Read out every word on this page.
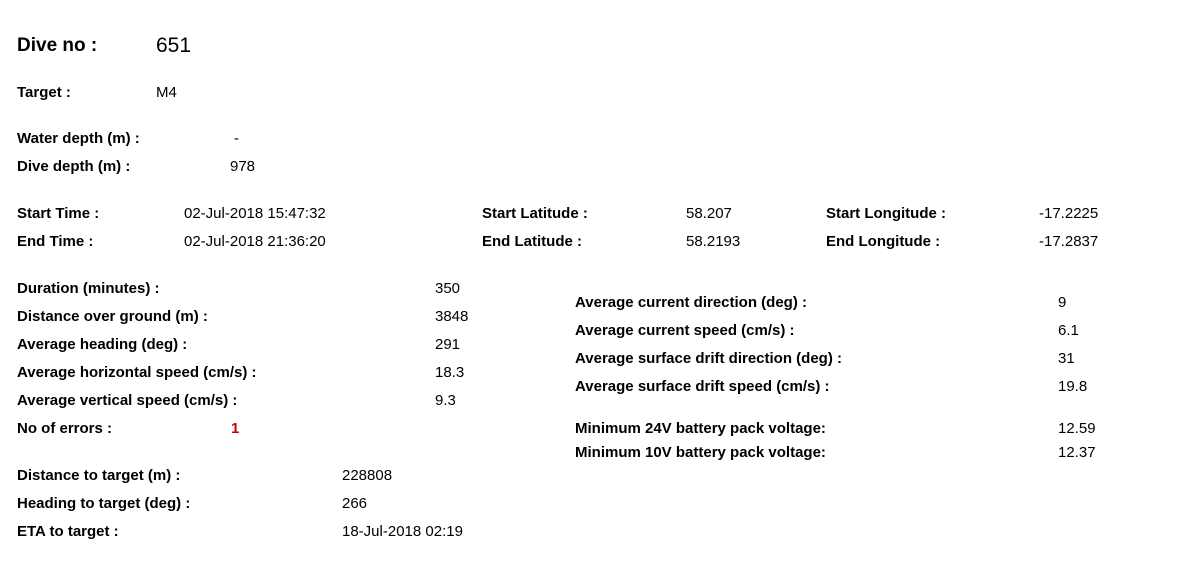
Dive no :	651
Target :	M4
Water depth (m) :	-
Dive depth (m) :	978
Start Time :	02-Jul-2018 15:47:32
End Time :	02-Jul-2018 21:36:20
Start Latitude :	58.207
End Latitude :	58.2193
Start Longitude :	-17.2225
End Longitude :	-17.2837
Duration (minutes) :	350
Distance over ground (m) :	3848
Average heading (deg) :	291
Average horizontal speed (cm/s) :	18.3
Average vertical speed (cm/s) :	9.3
No of errors :	1
Average current direction (deg) :	9
Average current speed (cm/s) :	6.1
Average surface drift direction (deg) :	31
Average surface drift speed (cm/s) :	19.8
Minimum 24V battery pack voltage:	12.59
Minimum 10V battery pack voltage:	12.37
Distance to target (m) :	228808
Heading to target (deg) :	266
ETA to target :	18-Jul-2018 02:19
